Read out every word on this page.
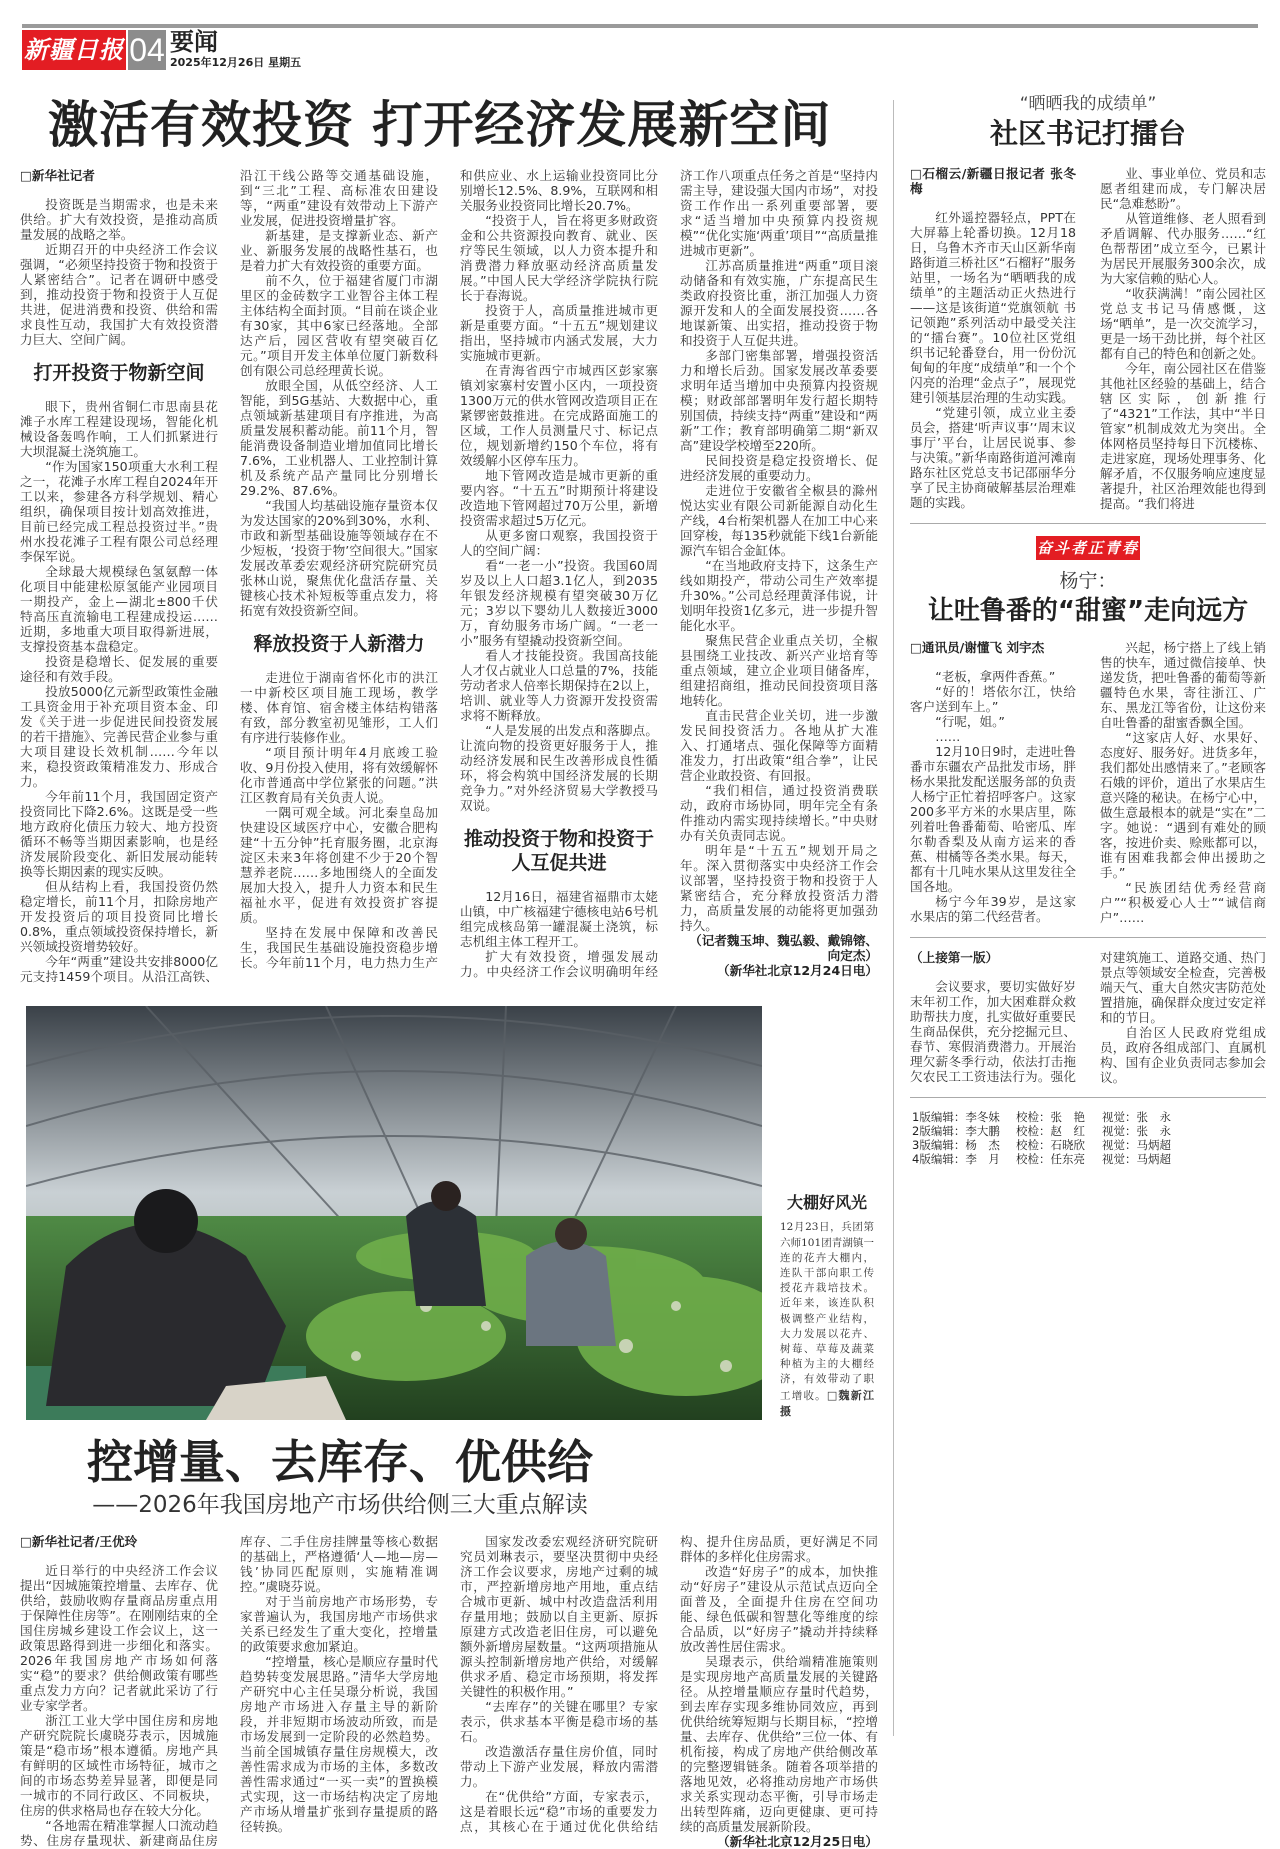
新疆日报 04 要闻
2025年12月26日 星期五
激活有效投资 打开经济发展新空间

□新华社记者

投资既是当期需求，也是未来供给。扩大有效投资，是推动高质量发展的战略之举。

近期召开的中央经济工作会议强调，“必须坚持投资于物和投资于人紧密结合”。记者在调研中感受到，推动投资于物和投资于人互促共进，促进消费和投资、供给和需求良性互动，我国扩大有效投资潜力巨大、空间广阔。

打开投资于物新空间

眼下，贵州省铜仁市思南县花滩子水库工程建设现场，智能化机械设备轰鸣作响，工人们抓紧进行大坝混凝土浇筑施工。

“作为国家150项重大水利工程之一，花滩子水库工程自2024年开工以来，参建各方科学规划、精心组织，确保项目按计划高效推进，目前已经完成工程总投资过半。”贵州水投花滩子工程有限公司总经理李保军说。

全球最大规模绿色氢氨醇一体化项目中能建松原氢能产业园项目一期投产，金上—湖北±800千伏特高压直流输电工程建成投运……近期，多地重大项目取得新进展，支撑投资基本盘稳定。

投资是稳增长、促发展的重要途径和有效手段。

投放5000亿元新型政策性金融工具资金用于补充项目资本金、印发《关于进一步促进民间投资发展的若干措施》、完善民营企业参与重大项目建设长效机制……今年以来，稳投资政策精准发力、形成合力。

今年前11个月，我国固定资产投资同比下降2.6%。这既是受一些地方政府化债压力较大、地方投资循环不畅等当期因素影响，也是经济发展阶段变化、新旧发展动能转换等长期因素的现实反映。

但从结构上看，我国投资仍然稳定增长，前11个月，扣除房地产开发投资后的项目投资同比增长0.8%，重点领域投资保持增长，新兴领域投资增势较好。

今年“两重”建设共安排8000亿元支持1459个项目。从沿江高铁、沿江干线公路等交通基础设施，到“三北”工程、高标准农田建设等，“两重”建设有效带动上下游产业发展，促进投资增量扩容。

新基建，是支撑新业态、新产业、新服务发展的战略性基石，也是着力扩大有效投资的重要方面。

前不久，位于福建省厦门市湖里区的金砖数字工业智谷主体工程主体结构全面封顶。“目前在谈企业有30家，其中6家已经落地。全部达产后，园区营收有望突破百亿元。”项目开发主体单位厦门新数科创有限公司总经理黄长说。

放眼全国，从低空经济、人工智能，到5G基站、大数据中心，重点领域新基建项目有序推进，为高质量发展积蓄动能。前11个月，智能消费设备制造业增加值同比增长7.6%，工业机器人、工业控制计算机及系统产品产量同比分别增长29.2%、87.6%。

“我国人均基础设施存量资本仅为发达国家的20%到30%，水利、市政和新型基础设施等领域存在不少短板，‘投资于物’空间很大。”国家发展改革委宏观经济研究院研究员张林山说，聚焦优化盘活存量、关键核心技术补短板等重点发力，将拓宽有效投资新空间。

释放投资于人新潜力

走进位于湖南省怀化市的洪江一中新校区项目施工现场，教学楼、体育馆、宿舍楼主体结构错落有致，部分教室初见雏形，工人们有序进行装修作业。

“项目预计明年4月底竣工验收、9月份投入使用，将有效缓解怀化市普通高中学位紧张的问题。”洪江区教育局有关负责人说。

一隅可观全域。河北秦皇岛加快建设区域医疗中心，安徽合肥构建“十五分钟”托育服务圈，北京海淀区未来3年将创建不少于20个智慧养老院……多地围绕人的全面发展加大投入，提升人力资本和民生福祉水平，促进有效投资扩容提质。

坚持在发展中保障和改善民生，我国民生基础设施投资稳步增长。今年前11个月，电力热力生产和供应业、水上运输业投资同比分别增长12.5%、8.9%，互联网和相关服务业投资同比增长20.7%。

“投资于人，旨在将更多财政资金和公共资源投向教育、就业、医疗等民生领域，以人力资本提升和消费潜力释放驱动经济高质量发展。”中国人民大学经济学院执行院长于春海说。

投资于人，高质量推进城市更新是重要方面。“十五五”规划建议指出，坚持城市内涵式发展，大力实施城市更新。

在青海省西宁市城西区彭家寨镇刘家寨村安置小区内，一项投资1300万元的供水管网改造项目正在紧锣密鼓推进。在完成路面施工的区域，工作人员测量尺寸、标记点位，规划新增约150个车位，将有效缓解小区停车压力。

地下管网改造是城市更新的重要内容。“十五五”时期预计将建设改造地下管网超过70万公里，新增投资需求超过5万亿元。

从更多窗口观察，我国投资于人的空间广阔：

看“一老一小”投资。我国60周岁及以上人口超3.1亿人，到2035年银发经济规模有望突破30万亿元；3岁以下婴幼儿人数接近3000万，育幼服务市场广阔。“一老一小”服务有望撬动投资新空间。

看人才技能投资。我国高技能人才仅占就业人口总量的7%，技能劳动者求人倍率长期保持在2以上，培训、就业等人力资源开发投资需求将不断释放。

“人是发展的出发点和落脚点。让流向物的投资更好服务于人，推动经济发展和民生改善形成良性循环，将会构筑中国经济发展的长期竞争力。”对外经济贸易大学教授马双说。

推动投资于物和投资于人互促共进

12月16日，福建省福鼎市太姥山镇，中广核福建宁德核电站6号机组完成核岛第一罐混凝土浇筑，标志机组主体工程开工。

扩大有效投资，增强发展动力。中央经济工作会议明确明年经济工作八项重点任务之首是“坚持内需主导，建设强大国内市场”，对投资工作作出一系列重要部署，要求“适当增加中央预算内投资规模”“优化实施‘两重’项目”“高质量推进城市更新”。

江苏高质量推进“两重”项目滚动储备和有效实施，广东提高民生类政府投资比重，浙江加强人力资源开发和人的全面发展投资……各地谋新策、出实招，推动投资于物和投资于人互促共进。

多部门密集部署，增强投资活力和增长后劲。国家发展改革委要求明年适当增加中央预算内投资规模；财政部部署明年发行超长期特别国债，持续支持“两重”建设和“两新”工作；教育部明确第二期“新双高”建设学校增至220所。

民间投资是稳定投资增长、促进经济发展的重要动力。

走进位于安徽省全椒县的滁州悦达实业有限公司新能源自动化生产线，4台桁架机器人在加工中心来回穿梭，每135秒就能下线1台新能源汽车铝合金缸体。

“在当地政府支持下，这条生产线如期投产，带动公司生产效率提升30%。”公司总经理黄泽伟说，计划明年投资1亿多元，进一步提升智能化水平。

聚焦民营企业重点关切，全椒县围绕工业技改、新兴产业培育等重点领域，建立企业项目储备库，组建招商组，推动民间投资项目落地转化。

直击民营企业关切，进一步激发民间投资活力。各地从扩大准入、打通堵点、强化保障等方面精准发力，打出政策“组合拳”，让民营企业敢投资、有回报。

“我们相信，通过投资消费联动，政府市场协同，明年完全有条件推动内需实现持续增长。”中央财办有关负责同志说。

明年是“十五五”规划开局之年。深入贯彻落实中央经济工作会议部署，坚持投资于物和投资于人紧密结合，充分释放投资活力潜力，高质量发展的动能将更加强劲持久。

（记者魏玉坤、魏弘毅、戴锦镕、向定杰）

（新华社北京12月24日电）

大棚好风光
12月23日，兵团第六师101团青湖镇一连的花卉大棚内，连队干部向职工传授花卉栽培技术。近年来，该连队积极调整产业结构，大力发展以花卉、树莓、草莓及蔬菜种植为主的大棚经济，有效带动了职工增收。□魏新江摄
控增量、去库存、优供给
——2026年我国房地产市场供给侧三大重点解读

□新华社记者/王优玲

近日举行的中央经济工作会议提出“因城施策控增量、去库存、优供给，鼓励收购存量商品房重点用于保障性住房等”。在刚刚结束的全国住房城乡建设工作会议上，这一政策思路得到进一步细化和落实。2026年我国房地产市场如何落实“稳”的要求？供给侧政策有哪些重点发力方向？记者就此采访了行业专家学者。

浙江工业大学中国住房和房地产研究院院长虞晓芬表示，因城施策是“稳市场”根本遵循。房地产具有鲜明的区域性市场特征，城市之间的市场态势差异显著，即便是同一城市的不同行政区、不同板块，住房的供求格局也存在较大分化。

“各地需在精准掌握人口流动趋势、住房存量现状、新建商品住房库存、二手住房挂牌量等核心数据的基础上，严格遵循‘人—地—房—钱’协同匹配原则，实施精准调控。”虞晓芬说。

对于当前房地产市场形势，专家普遍认为，我国房地产市场供求关系已经发生了重大变化，控增量的政策要求愈加紧迫。

“控增量，核心是顺应存量时代趋势转变发展思路。”清华大学房地产研究中心主任吴璟分析说，我国房地产市场进入存量主导的新阶段，并非短期市场波动所致，而是市场发展到一定阶段的必然趋势。当前全国城镇存量住房规模大，改善性需求成为市场的主体，多数改善性需求通过“一买一卖”的置换模式实现，这一市场结构决定了房地产市场从增量扩张到存量提质的路径转换。

国家发改委宏观经济研究院研究员刘琳表示，要坚决贯彻中央经济工作会议要求，房地产过剩的城市，严控新增房地产用地，重点结合城市更新、城中村改造盘活利用存量用地；鼓励以自主更新、原拆原建方式改造老旧住房，可以避免额外新增房屋数量。“这两项措施从源头控制新增房地产供给，对缓解供求矛盾、稳定市场预期，将发挥关键性的积极作用。”

“去库存”的关键在哪里？专家表示，供求基本平衡是稳市场的基石。

改造激活存量住房价值，同时带动上下游产业发展，释放内需潜力。

在“优供给”方面，专家表示，这是着眼长远“稳”市场的重要发力点，其核心在于通过优化供给结构、提升住房品质，更好满足不同群体的多样化住房需求。

改造“好房子”的成本，加快推动“好房子”建设从示范试点迈向全面普及，全面提升住房在空间功能、绿色低碳和智慧化等维度的综合品质，以“好房子”撬动并持续释放改善性居住需求。

吴璟表示，供给端精准施策则是实现房地产高质量发展的关键路径。从控增量顺应存量时代趋势，到去库存实现多维协同效应，再到优供给统筹短期与长期目标，“控增量、去库存、优供给”三位一体、有机衔接，构成了房地产供给侧改革的完整逻辑链条。随着各项举措的落地见效，必将推动房地产市场供求关系实现动态平衡，引导市场走出转型阵痛，迈向更健康、更可持续的高质量发展新阶段。

（新华社北京12月25日电）

“晒晒我的成绩单”
社区书记打擂台

□石榴云/新疆日报记者 张冬梅

红外遥控器轻点，PPT在大屏幕上轮番切换。12月18日，乌鲁木齐市天山区新华南路街道三桥社区“石榴籽”服务站里，一场名为“晒晒我的成绩单”的主题活动正火热进行——这是该街道“党旗领航 书记领跑”系列活动中最受关注的“擂台赛”。10位社区党组织书记轮番登台，用一份份沉甸甸的年度“成绩单”和一个个闪亮的治理“金点子”，展现党建引领基层治理的生动实践。

“党建引领，成立业主委员会，搭建‘听声议事’‘周末议事厅’平台，让居民说事、参与决策。”新华南路街道河滩南路东社区党总支书记邵丽华分享了民主协商破解基层治理难题的实践。

业、事业单位、党员和志愿者组建而成，专门解决居民“急难愁盼”。

从管道维修、老人照看到矛盾调解、代办服务……“红色帮帮团”成立至今，已累计为居民开展服务300余次，成为大家信赖的贴心人。

“收获满满！”南公园社区党总支书记马倩感慨，这场“晒单”，是一次交流学习，更是一场干劲比拼，每个社区都有自己的特色和创新之处。

今年，南公园社区在借鉴其他社区经验的基础上，结合辖区实际，创新推行了“4321”工作法，其中“半日管家”机制成效尤为突出。全体网格员坚持每日下沉楼栋、走进家庭，现场处理事务、化解矛盾，不仅服务响应速度显著提升，社区治理效能也得到提高。“我们将进

奋斗者正青春
杨宁：
让吐鲁番的“甜蜜”走向远方

□通讯员/谢懂飞 刘宇杰

“老板，拿两件香蕉。”

“好的！塔依尔江，快给客户送到车上。”

“行呢，姐。”

……

12月10日9时，走进吐鲁番市东疆农产品批发市场，胖杨水果批发配送服务部的负责人杨宁正忙着招呼客户。这家200多平方米的水果店里，陈列着吐鲁番葡萄、哈密瓜、库尔勒香梨及从南方运来的香蕉、柑橘等各类水果。每天，都有十几吨水果从这里发往全国各地。

杨宁今年39岁，是这家水果店的第二代经营者。

兴起，杨宁搭上了线上销售的快车，通过微信接单、快递发货，把吐鲁番的葡萄等新疆特色水果，寄往浙江、广东、黑龙江等省份，让这份来自吐鲁番的甜蜜香飘全国。

“这家店人好、水果好、态度好、服务好。进货多年，我们都处出感情来了。”老顾客石娥的评价，道出了水果店生意兴隆的秘诀。在杨宁心中，做生意最根本的就是“实在”二字。她说：“遇到有难处的顾客，按进价卖、赊账都可以，谁有困难我都会伸出援助之手。”

“民族团结优秀经营商户”“积极爱心人士”“诚信商户”……

（上接第一版）

会议要求，要切实做好岁末年初工作，加大困难群众救助帮扶力度，扎实做好重要民生商品保供，充分挖掘元旦、春节、寒假消费潜力。开展治理欠薪冬季行动，依法打击拖欠农民工工资违法行为。强化对建筑施工、道路交通、热门景点等领域安全检查，完善极端天气、重大自然灾害防范处置措施，确保群众度过安定祥和的节日。

自治区人民政府党组成员，政府各组成部门、直属机构、国有企业负责同志参加会议。

1版编辑：李冬妹 校检：张　艳 视觉：张　永
2版编辑：李大鹏 校检：赵　红 视觉：张　永
3版编辑：杨　杰 校检：石晓欣 视觉：马炳超
4版编辑：李　月 校检：任东亮 视觉：马炳超
